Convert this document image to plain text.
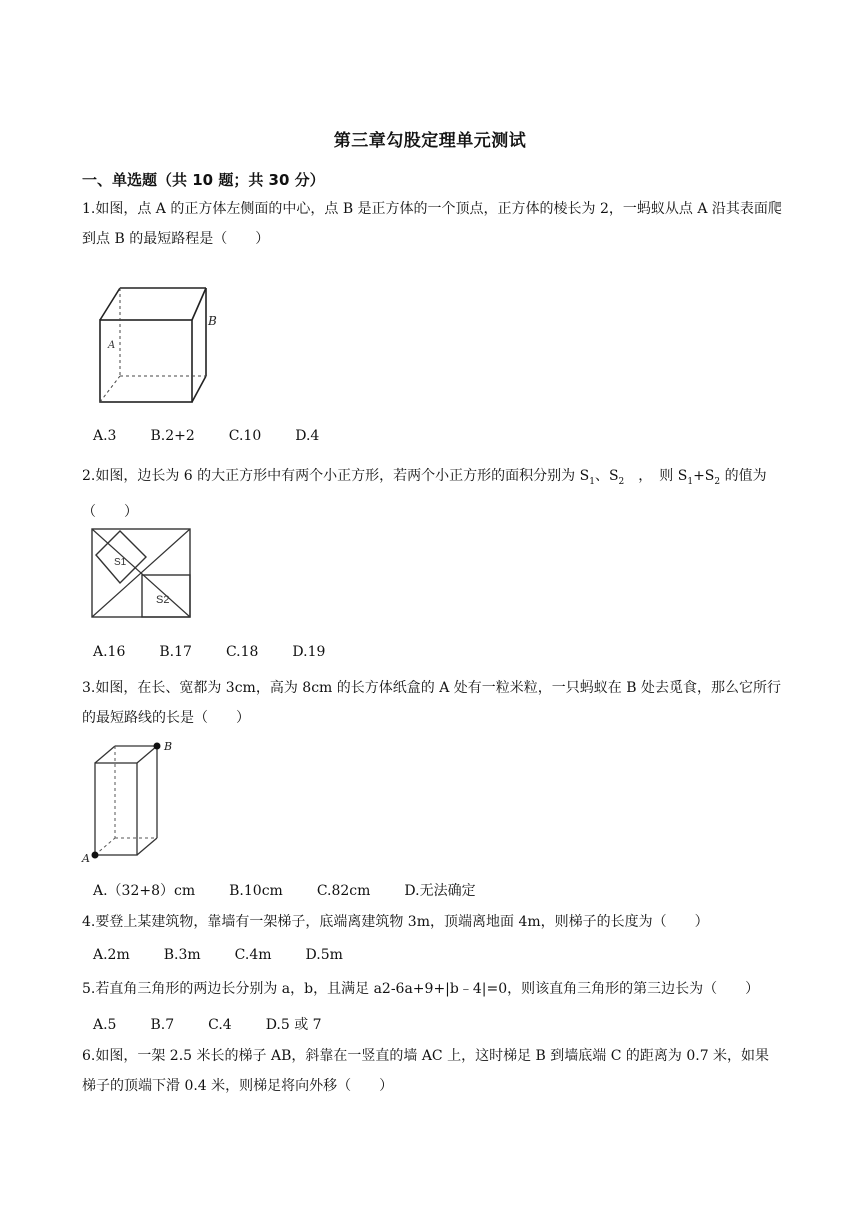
第三章勾股定理单元测试
一、单选题（共 10 题；共 30 分）
1.如图，点 A 的正方体左侧面的中心，点 B 是正方体的一个顶点，正方体的棱长为 2，一蚂蚁从点 A 沿其表面爬到点 B 的最短路程是（　　）
A
B
A.3 B.2+2 C.10 D.4
2.如图，边长为 6 的大正方形中有两个小正方形，若两个小正方形的面积分别为 $S_1$、$S_2$　，　则 $S_1+S_2$ 的值为（　　）
S1
S2
A.16 B.17 C.18 D.19
3.如图，在长、宽都为 3cm，高为 8cm 的长方体纸盒的 A 处有一粒米粒，一只蚂蚁在 B 处去觅食，那么它所行的最短路线的长是（　　）
B
A
A.（32+8）cm B.10cm C.82cm D.无法确定
4.要登上某建筑物，靠墙有一架梯子，底端离建筑物 3m，顶端离地面 4m，则梯子的长度为（　　）
A.2m B.3m C.4m D.5m
5.若直角三角形的两边长分别为 a，b，且满足 a2-6a+9+|b﹣4|=0，则该直角三角形的第三边长为（　　）
A.5 B.7 C.4 D.5 或 7
6.如图，一架 2.5 米长的梯子 AB，斜靠在一竖直的墙 AC 上，这时梯足 B 到墙底端 C 的距离为 0.7 米，如果梯子的顶端下滑 0.4 米，则梯足将向外移（　　）
